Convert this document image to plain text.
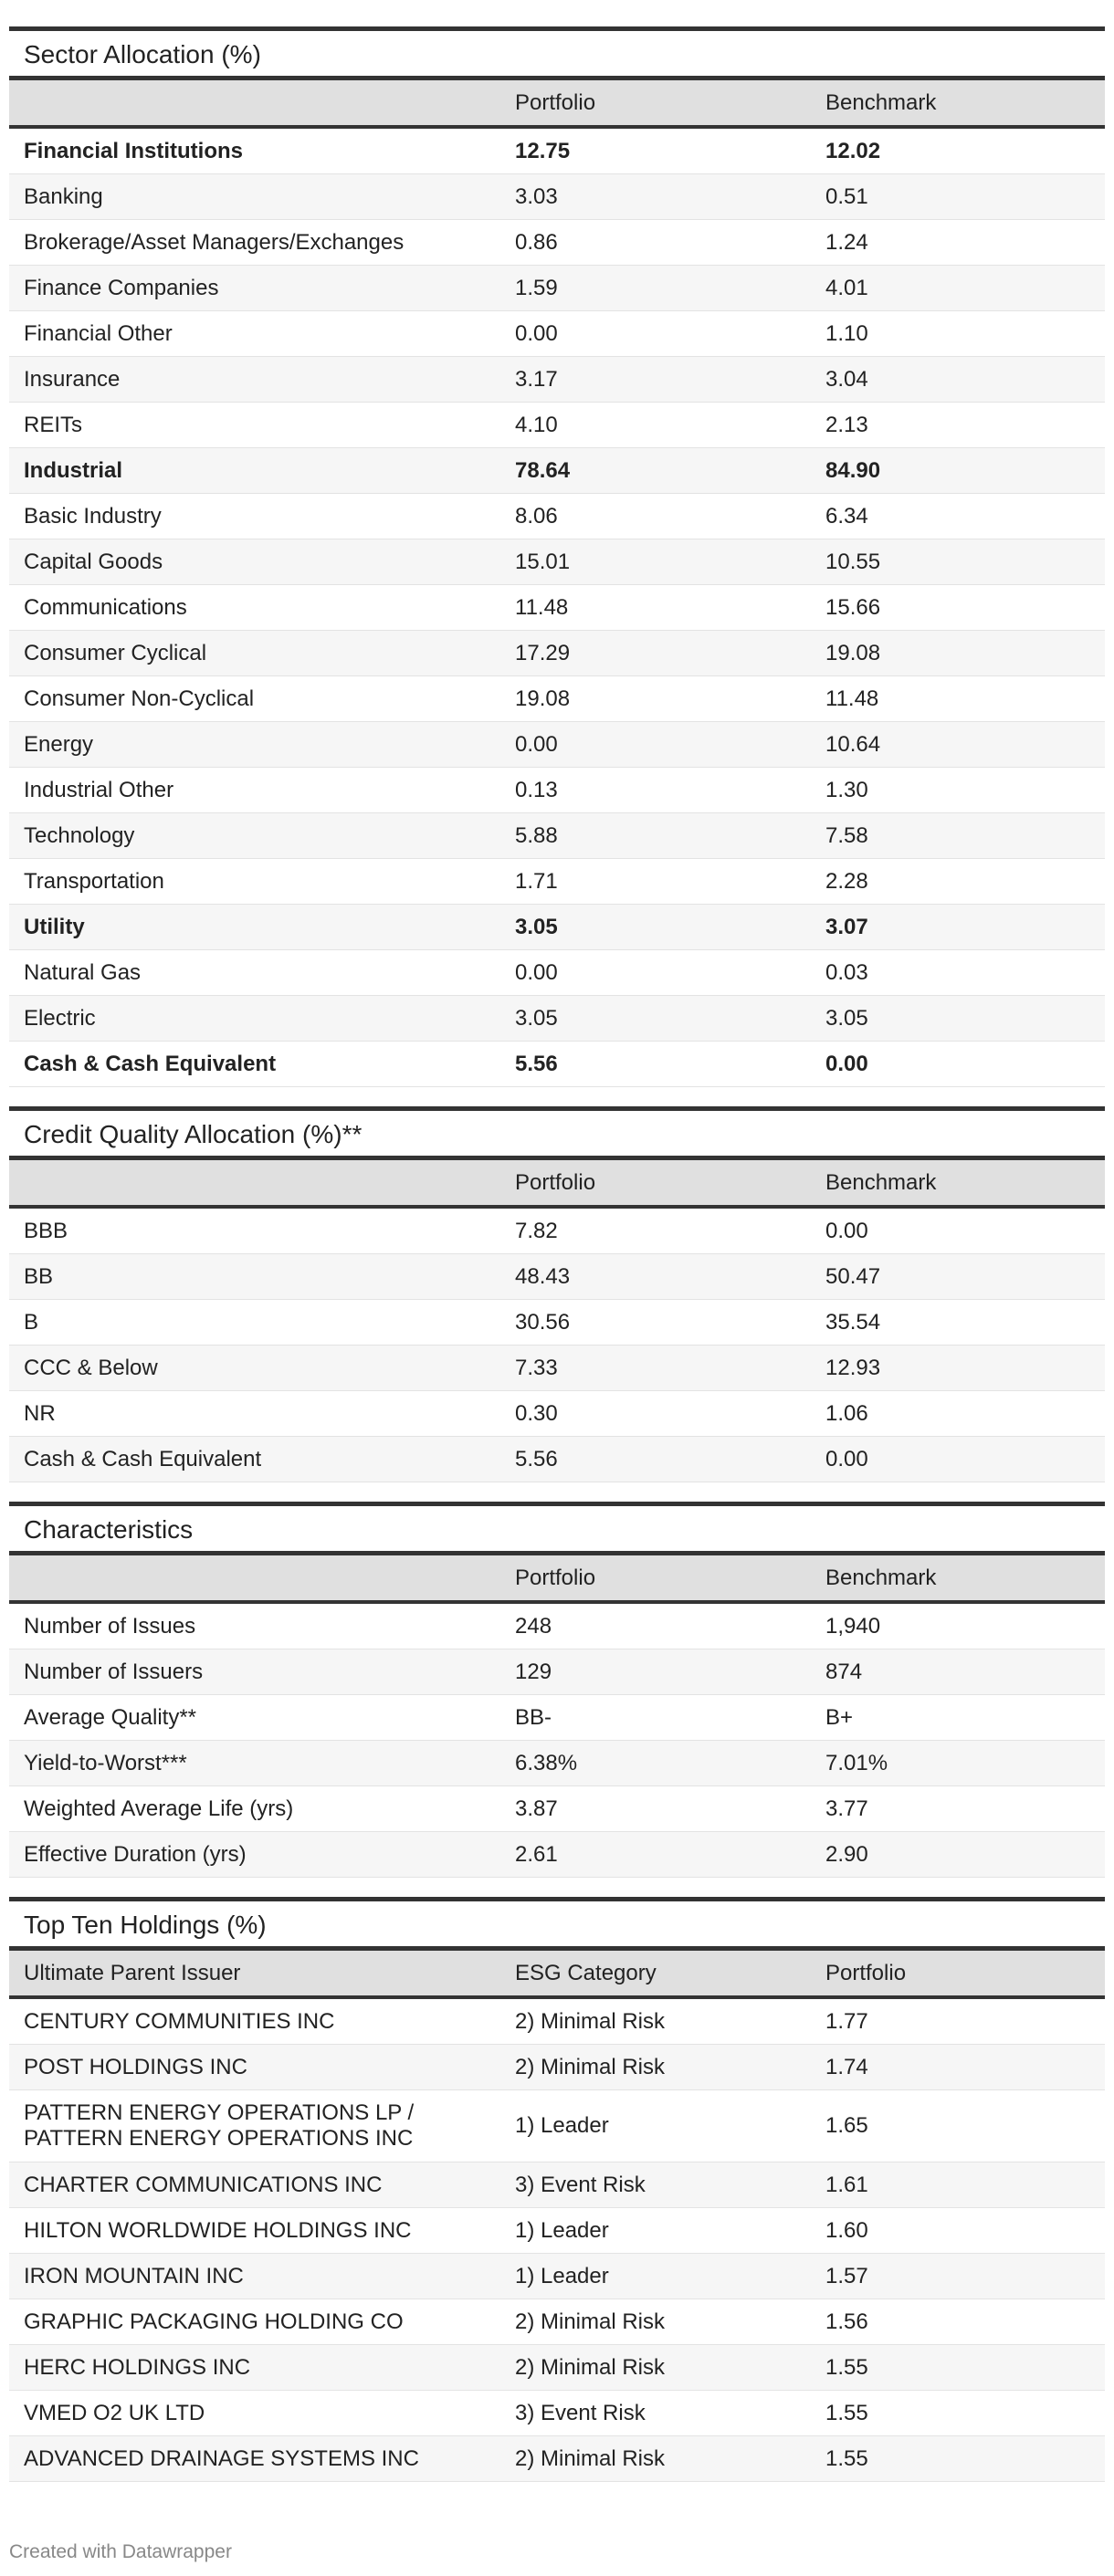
Sector Allocation (%)
Portfolio	Benchmark
Financial Institutions	12.75	12.02
Banking	3.03	0.51
Brokerage/Asset Managers/Exchanges	0.86	1.24
Finance Companies	1.59	4.01
Financial Other	0.00	1.10
Insurance	3.17	3.04
REITs	4.10	2.13
Industrial	78.64	84.90
Basic Industry	8.06	6.34
Capital Goods	15.01	10.55
Communications	11.48	15.66
Consumer Cyclical	17.29	19.08
Consumer Non-Cyclical	19.08	11.48
Energy	0.00	10.64
Industrial Other	0.13	1.30
Technology	5.88	7.58
Transportation	1.71	2.28
Utility	3.05	3.07
Natural Gas	0.00	0.03
Electric	3.05	3.05
Cash & Cash Equivalent	5.56	0.00
Credit Quality Allocation (%)**
Portfolio	Benchmark
BBB	7.82	0.00
BB	48.43	50.47
B	30.56	35.54
CCC & Below	7.33	12.93
NR	0.30	1.06
Cash & Cash Equivalent	5.56	0.00
Characteristics
Portfolio	Benchmark
Number of Issues	248	1,940
Number of Issuers	129	874
Average Quality**	BB-	B+
Yield-to-Worst***	6.38%	7.01%
Weighted Average Life (yrs)	3.87	3.77
Effective Duration (yrs)	2.61	2.90
Top Ten Holdings (%)
Ultimate Parent Issuer	ESG Category	Portfolio
CENTURY COMMUNITIES INC	2) Minimal Risk	1.77
POST HOLDINGS INC	2) Minimal Risk	1.74
PATTERN ENERGY OPERATIONS LP / PATTERN ENERGY OPERATIONS INC
1) Leader	1.65
CHARTER COMMUNICATIONS INC	3) Event Risk	1.61
HILTON WORLDWIDE HOLDINGS INC	1) Leader	1.60
IRON MOUNTAIN INC	1) Leader	1.57
GRAPHIC PACKAGING HOLDING CO	2) Minimal Risk	1.56
HERC HOLDINGS INC	2) Minimal Risk	1.55
VMED O2 UK LTD	3) Event Risk	1.55
ADVANCED DRAINAGE SYSTEMS INC	2) Minimal Risk	1.55
Created with Datawrapper
